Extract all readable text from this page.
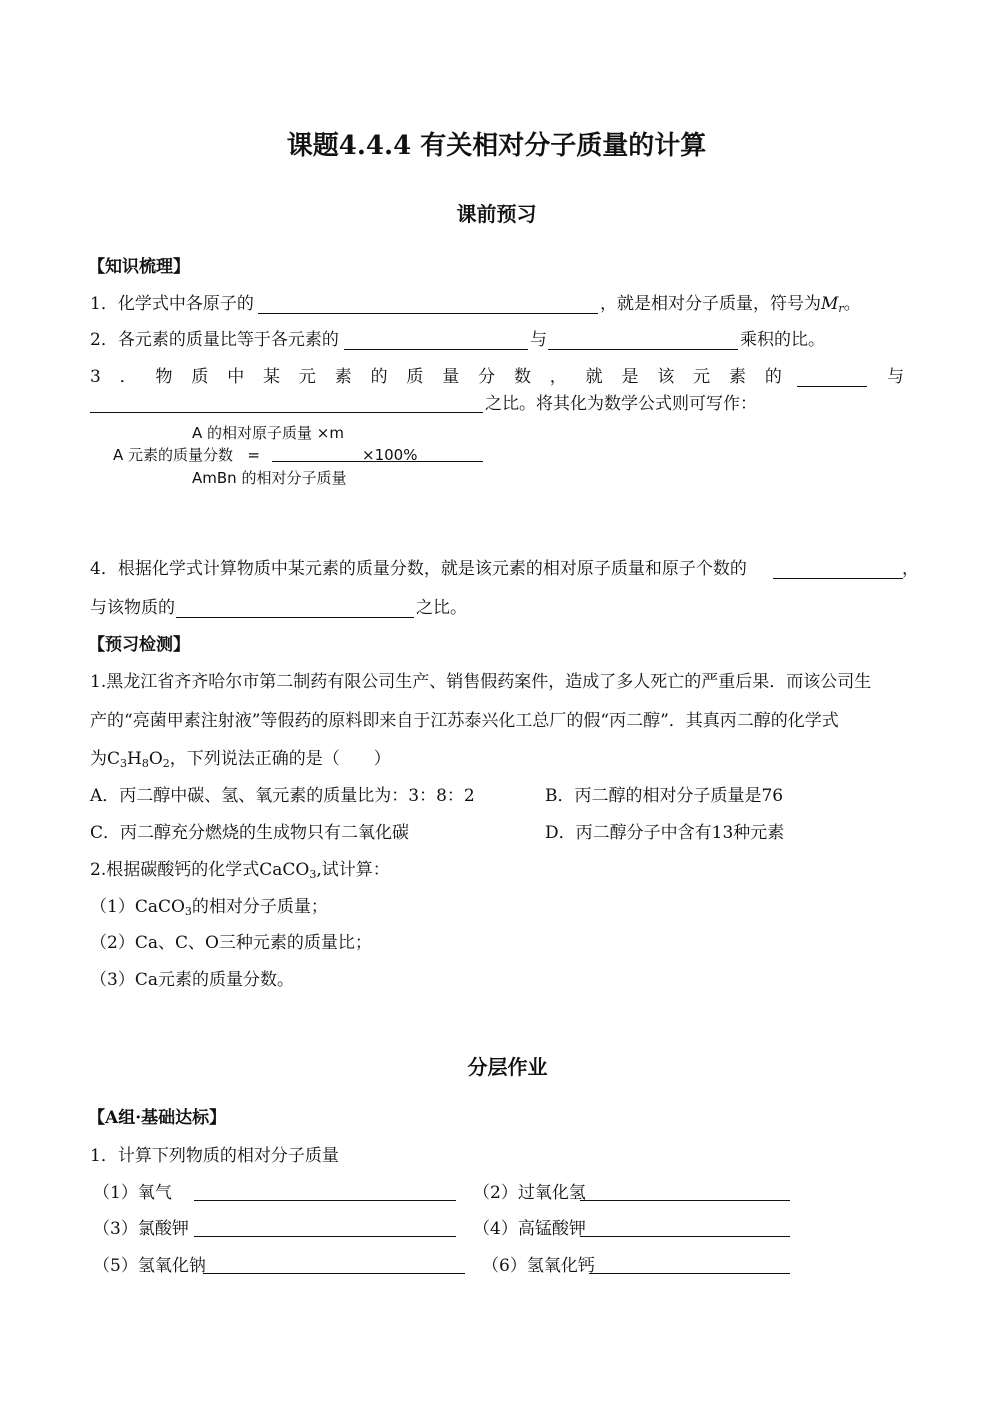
课题4.4.4 有关相对分子质量的计算
课前预习
【知识梳理】
1．化学式中各原子的	，就是相对分子质量，符号为$M_r$。
2．各元素的质量比等于各元素的	与	乘积的比。
3 ． 物 质 中 某 元 素 的 质 量 分 数 ， 就 是 该 元 素 的	与
之比。将其化为数学公式则可写作：
A 的相对原子质量 ×m
A 元素的质量分数   =	×100%
AmBn 的相对分子质量
4．根据化学式计算物质中某元素的质量分数，就是该元素的相对原子质量和原子个数的	，
与该物质的	之比。
【预习检测】
1.黑龙江省齐齐哈尔市第二制药有限公司生产、销售假药案件，造成了多人死亡的严重后果．而该公司生
产的“亮菌甲素注射液”等假药的原料即来自于江苏泰兴化工总厂的假“丙二醇”．其真丙二醇的化学式
为$C_3H_8O_2$，下列说法正确的是（　　）
A．丙二醇中碳、氢、氧元素的质量比为：3：8：2	B．丙二醇的相对分子质量是76
C．丙二醇充分燃烧的生成物只有二氧化碳	D．丙二醇分子中含有13种元素
2.根据碳酸钙的化学式CaCO$_3$,试计算：
（1）CaCO$_3$的相对分子质量；
（2）Ca、C、O三种元素的质量比；
（3）Ca元素的质量分数。
分层作业
【A组·基础达标】
1．计算下列物质的相对分子质量
（1）氧气	（2）过氧化氢
（3）氯酸钾	（4）高锰酸钾
（5）氢氧化钠	（6）氢氧化钙
